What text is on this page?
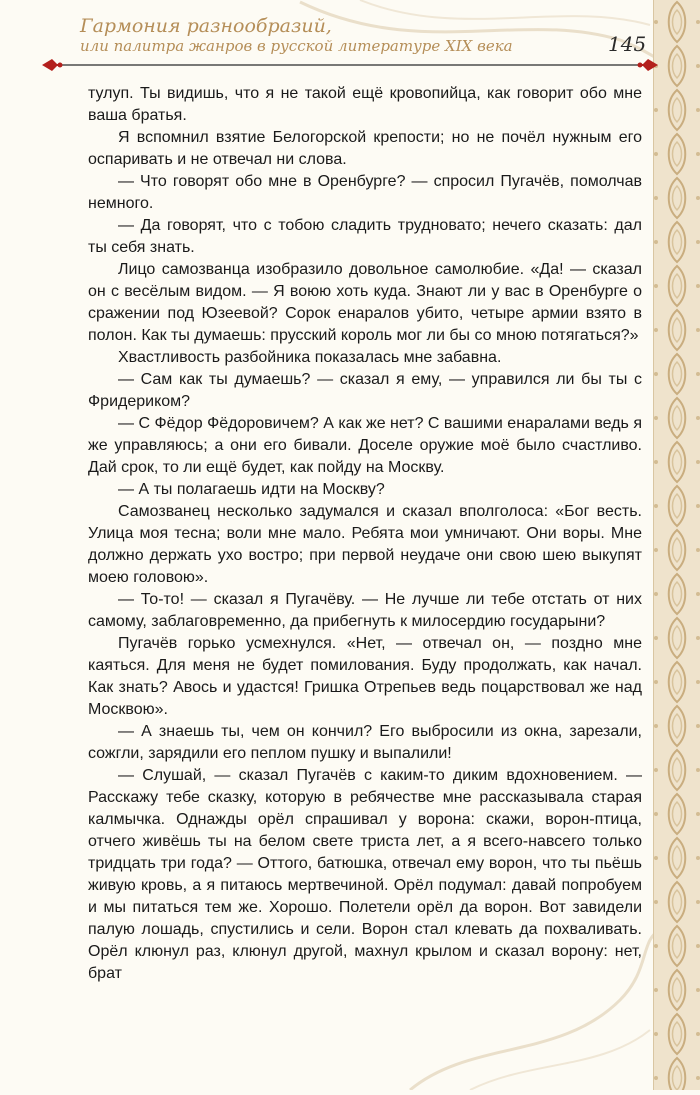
Гармония разнообразий,
или палитра жанров в русской литературе XIX века	145

тулуп. Ты видишь, что я не такой ещё кровопийца, как говорит обо мне ваша братья.

Я вспомнил взятие Белогорской крепости; но не почёл нужным его оспаривать и не отвечал ни слова.

— Что говорят обо мне в Оренбурге? — спросил Пугачёв, помолчав немного.

— Да говорят, что с тобою сладить трудновато; нечего сказать: дал ты себя знать.

Лицо самозванца изобразило довольное самолюбие. «Да! — сказал он с весёлым видом. — Я воюю хоть куда. Знают ли у вас в Оренбурге о сражении под Юзеевой? Сорок енаралов убито, четыре армии взято в полон. Как ты думаешь: прусский король мог ли бы со мною потягаться?»

Хвастливость разбойника показалась мне забавна.

— Сам как ты думаешь? — сказал я ему, — управился ли бы ты с Фридериком?

— С Фёдор Фёдоровичем? А как же нет? С вашими енаралами ведь я же управляюсь; а они его бивали. Доселе оружие моё было счастливо. Дай срок, то ли ещё будет, как пойду на Москву.

— А ты полагаешь идти на Москву?

Самозванец несколько задумался и сказал вполголоса: «Бог весть. Улица моя тесна; воли мне мало. Ребята мои умничают. Они воры. Мне должно держать ухо востро; при первой неудаче они свою шею выкупят моею головою».

— То-то! — сказал я Пугачёву. — Не лучше ли тебе отстать от них самому, заблаговременно, да прибегнуть к милосердию государыни?

Пугачёв горько усмехнулся. «Нет, — отвечал он, — поздно мне каяться. Для меня не будет помилования. Буду продолжать, как начал. Как знать? Авось и удастся! Гришка Отрепьев ведь поцарствовал же над Москвою».

— А знаешь ты, чем он кончил? Его выбросили из окна, зарезали, сожгли, зарядили его пеплом пушку и выпалили!

— Слушай, — сказал Пугачёв с каким-то диким вдохновением. — Расскажу тебе сказку, которую в ребячестве мне рассказывала старая калмычка. Однажды орёл спрашивал у ворона: скажи, ворон-птица, отчего живёшь ты на белом свете триста лет, а я всего-навсего только тридцать три года? — Оттого, батюшка, отвечал ему ворон, что ты пьёшь живую кровь, а я питаюсь мертвечиной. Орёл подумал: давай попробуем и мы питаться тем же. Хорошо. Полетели орёл да ворон. Вот завидели палую лошадь, спустились и сели. Ворон стал клевать да похваливать. Орёл клюнул раз, клюнул другой, махнул крылом и сказал ворону: нет, брат
